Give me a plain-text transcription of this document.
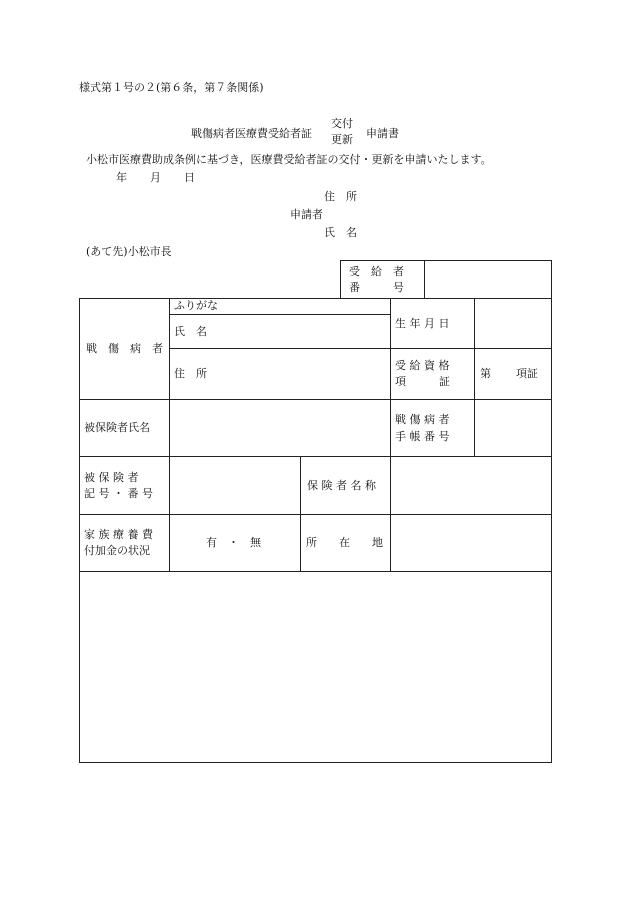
様式第１号の２(第６条，第７条関係)
戦傷病者医療費受給者証
交付
更新 申請書
小松市医療費助成条例に基づき，医療費受給者証の交付・更新を申請いたします。
年 月 日
住　所
申請者
氏　名
(あて先)小松市長
受　給　者
番　　　号
戦　傷　病　者
ふりがな
氏　名
生 年 月 日
住　所
受 給 資 格
項　　　証
第 項証
被保険者氏名
戦 傷 病 者
手 帳 番 号
被 保 険 者
記 号 ・ 番 号
保 険 者 名 称
家 族 療 養 費
付加金の状況
有　・　無	所　　在　　地
